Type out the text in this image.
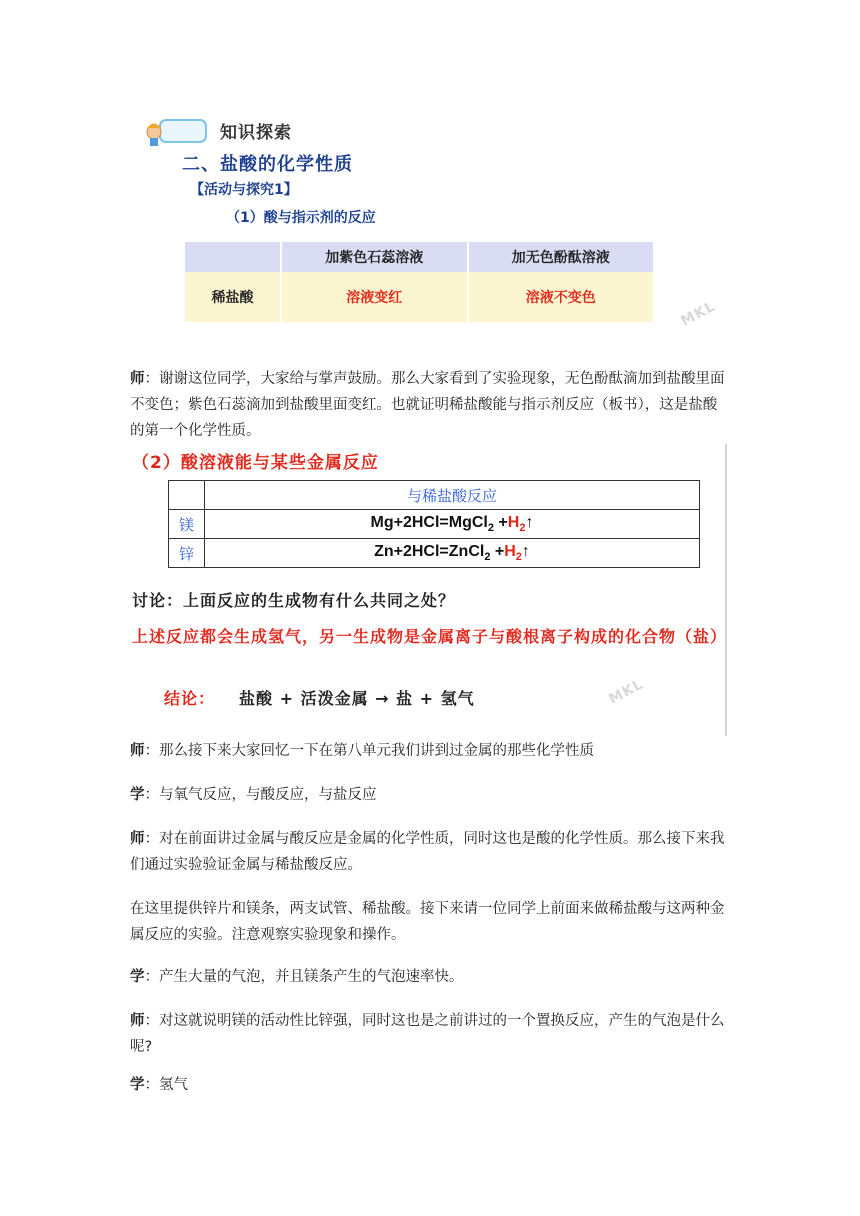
知识探索
二、盐酸的化学性质
【活动与探究1】
（1）酸与指示剂的反应
	加紫色石蕊溶液	加无色酚酞溶液
稀盐酸	溶液变红	溶液不变色
MKL
师：谢谢这位同学，大家给与掌声鼓励。那么大家看到了实验现象，无色酚酞滴加到盐酸里面不变色；紫色石蕊滴加到盐酸里面变红。也就证明稀盐酸能与指示剂反应（板书），这是盐酸的第一个化学性质。
（2）酸溶液能与某些金属反应
	与稀盐酸反应
镁	Mg+2HCl=MgCl$_2$ $+H_2↑$
锌	Zn+2HCl=ZnCl$_2$ $+H_2↑$
讨论：上面反应的生成物有什么共同之处？
上述反应都会生成氢气，另一生成物是金属离子与酸根离子构成的化合物（盐）
结论： 盐酸 + 活泼金属 → 盐 + 氢气	MKL
师：那么接下来大家回忆一下在第八单元我们讲到过金属的那些化学性质
学：与氧气反应，与酸反应，与盐反应
师：对在前面讲过金属与酸反应是金属的化学性质，同时这也是酸的化学性质。那么接下来我们通过实验验证金属与稀盐酸反应。
在这里提供锌片和镁条，两支试管、稀盐酸。接下来请一位同学上前面来做稀盐酸与这两种金属反应的实验。注意观察实验现象和操作。
学：产生大量的气泡，并且镁条产生的气泡速率快。
师：对这就说明镁的活动性比锌强，同时这也是之前讲过的一个置换反应，产生的气泡是什么呢?
学：氢气
